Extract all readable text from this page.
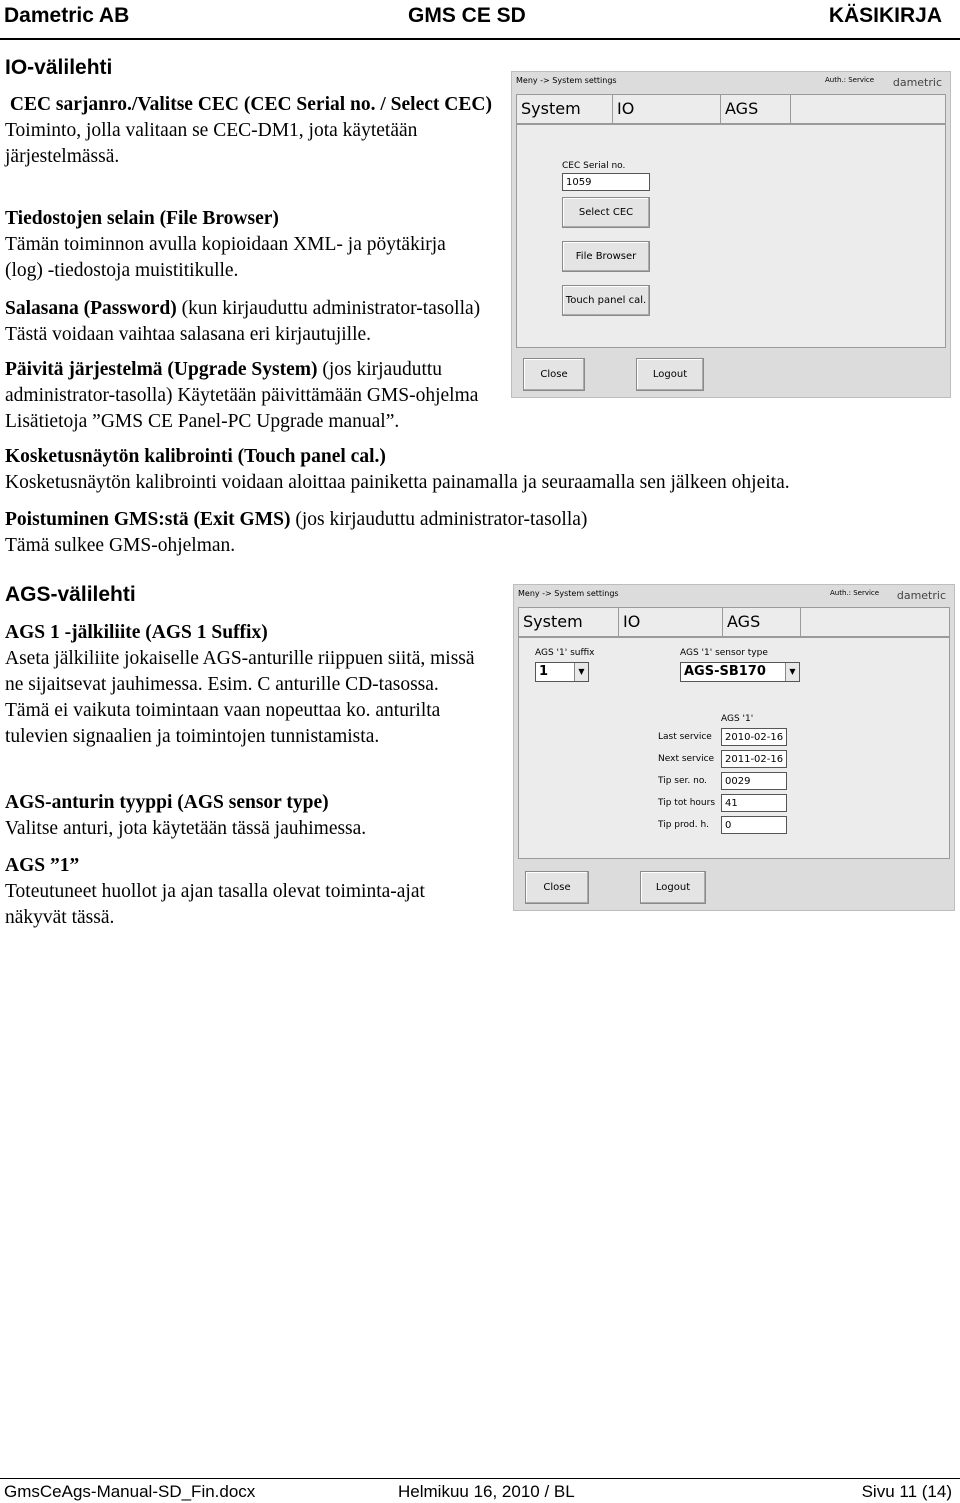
Dametric AB	GMS CE SD	KÄSIKIRJA
IO-välilehti

CEC sarjanro./Valitse CEC (CEC Serial no. / Select CEC)
Toiminto, jolla valitaan se CEC-DM1, jota käytetään järjestelmässä.

Tiedostojen selain (File Browser)
Tämän toiminnon avulla kopioidaan XML- ja pöytäkirja (log) -tiedostoja muistitikulle.

Salasana (Password) (kun kirjauduttu administrator-tasolla) Tästä voidaan vaihtaa salasana eri kirjautujille.

Päivitä järjestelmä (Upgrade System) (jos kirjauduttu administrator-tasolla) Käytetään päivittämään GMS-ohjelma Lisätietoja ”GMS CE Panel-PC Upgrade manual”.

Kosketusnäytön kalibrointi (Touch panel cal.)
Kosketusnäytön kalibrointi voidaan aloittaa painiketta painamalla ja seuraamalla sen jälkeen ohjeita.

Poistuminen GMS:stä (Exit GMS) (jos kirjauduttu administrator-tasolla)
Tämä sulkee GMS-ohjelman.

Meny -> System settings	Auth.: Service dametric
System	IO	AGS
CEC Serial no.
1059
Select CEC
File Browser
Touch panel cal.
Close	Logout
AGS-välilehti

AGS 1 -jälkiliite (AGS 1 Suffix)
Aseta jälkiliite jokaiselle AGS-anturille riippuen siitä, missä ne sijaitsevat jauhimessa. Esim. C anturille CD-tasossa. Tämä ei vaikuta toimintaan vaan nopeuttaa ko. anturilta tulevien signaalien ja toimintojen tunnistamista.

AGS-anturin tyyppi (AGS sensor type)
Valitse anturi, jota käytetään tässä jauhimessa.

AGS ”1”
Toteutuneet huollot ja ajan tasalla olevat toiminta-ajat näkyvät tässä.

Meny -> System settings	Auth.: Service dametric
System	IO	AGS
AGS '1' suffix
1	▼
AGS '1' sensor type
AGS-SB170	▼
AGS '1'
Last service	2010-02-16
Next service	2011-02-16
Tip ser. no.	0029
Tip tot hours 41
Tip prod. h.	0
Close	Logout
GmsCeAgs-Manual-SD_Fin.docx	Helmikuu 16, 2010 / BL	Sivu 11 (14)
